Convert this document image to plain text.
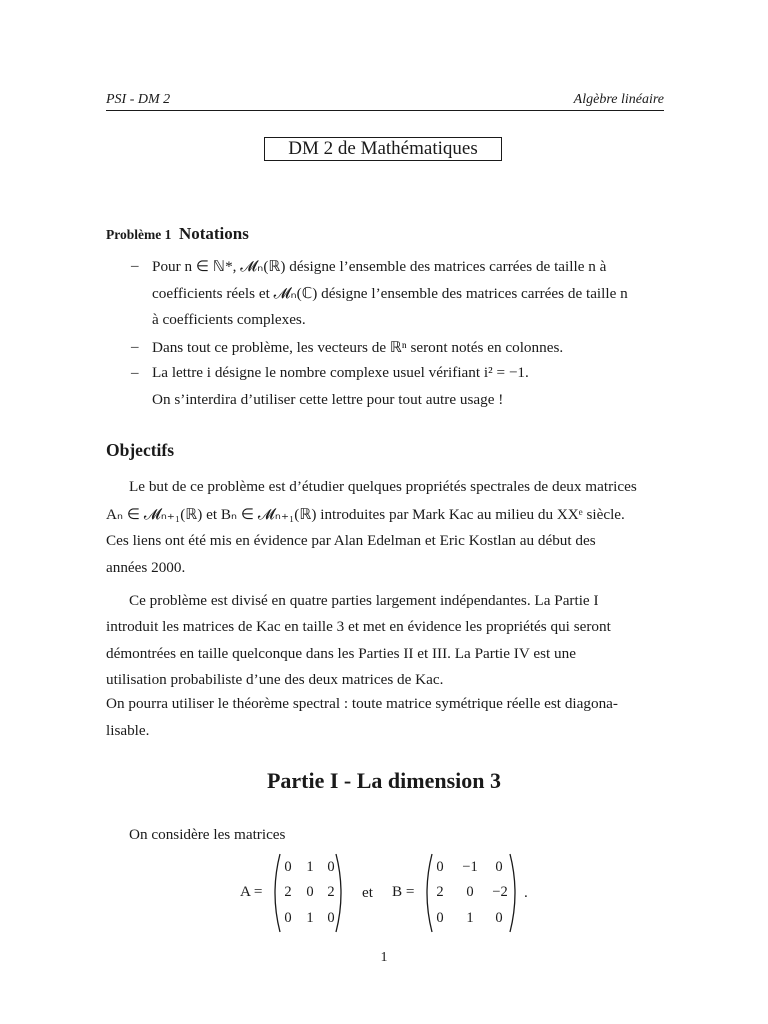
PSI - DM 2	Algèbre linéaire
DM 2 de Mathématiques
Problème 1 Notations
– Pour n ∈ ℕ*, 𝓜ₙ(ℝ) désigne l’ensemble des matrices carrées de taille n à
coefficients réels et 𝓜ₙ(ℂ) désigne l’ensemble des matrices carrées de taille n
à coefficients complexes.
– Dans tout ce problème, les vecteurs de ℝⁿ seront notés en colonnes.
– La lettre i désigne le nombre complexe usuel vérifiant i² = −1.
On s’interdira d’utiliser cette lettre pour tout autre usage !
Objectifs
Le but de ce problème est d’étudier quelques propriétés spectrales de deux matrices
Aₙ ∈ 𝓜ₙ₊₁(ℝ) et Bₙ ∈ 𝓜ₙ₊₁(ℝ) introduites par Mark Kac au milieu du XXᵉ siècle.
Ces liens ont été mis en évidence par Alan Edelman et Eric Kostlan au début des
années 2000.
Ce problème est divisé en quatre parties largement indépendantes. La Partie I
introduit les matrices de Kac en taille 3 et met en évidence les propriétés qui seront
démontrées en taille quelconque dans les Parties II et III. La Partie IV est une
utilisation probabiliste d’une des deux matrices de Kac.
On pourra utiliser le théorème spectral : toute matrice symétrique réelle est diagona-
lisable.
Partie I - La dimension 3
On considère les matrices
A =
0	1 0
2	0 2
0	1 0
et B =
0	−1	0
2	0	−2
0	1	0
.
1
